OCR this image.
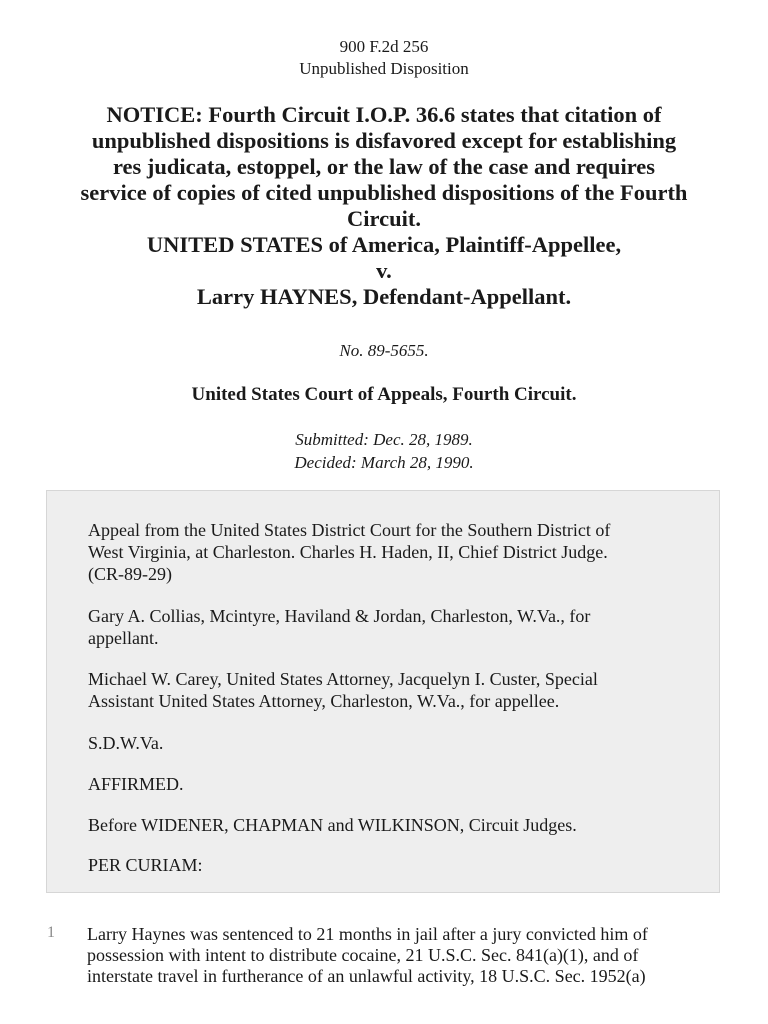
900 F.2d 256
Unpublished Disposition
NOTICE: Fourth Circuit I.O.P. 36.6 states that citation of
unpublished dispositions is disfavored except for establishing
res judicata, estoppel, or the law of the case and requires
service of copies of cited unpublished dispositions of the Fourth
Circuit.
UNITED STATES of America, Plaintiff-Appellee,
v.
Larry HAYNES, Defendant-Appellant.
No. 89-5655.
United States Court of Appeals, Fourth Circuit.
Submitted: Dec. 28, 1989.
Decided: March 28, 1990.
Appeal from the United States District Court for the Southern District of
West Virginia, at Charleston. Charles H. Haden, II, Chief District Judge.
(CR-89-29)
Gary A. Collias, Mcintyre, Haviland & Jordan, Charleston, W.Va., for
appellant.
Michael W. Carey, United States Attorney, Jacquelyn I. Custer, Special
Assistant United States Attorney, Charleston, W.Va., for appellee.
S.D.W.Va.
AFFIRMED.
Before WIDENER, CHAPMAN and WILKINSON, Circuit Judges.
PER CURIAM:
1 Larry Haynes was sentenced to 21 months in jail after a jury convicted him of
possession with intent to distribute cocaine, 21 U.S.C. Sec. 841(a)(1), and of
interstate travel in furtherance of an unlawful activity, 18 U.S.C. Sec. 1952(a)
